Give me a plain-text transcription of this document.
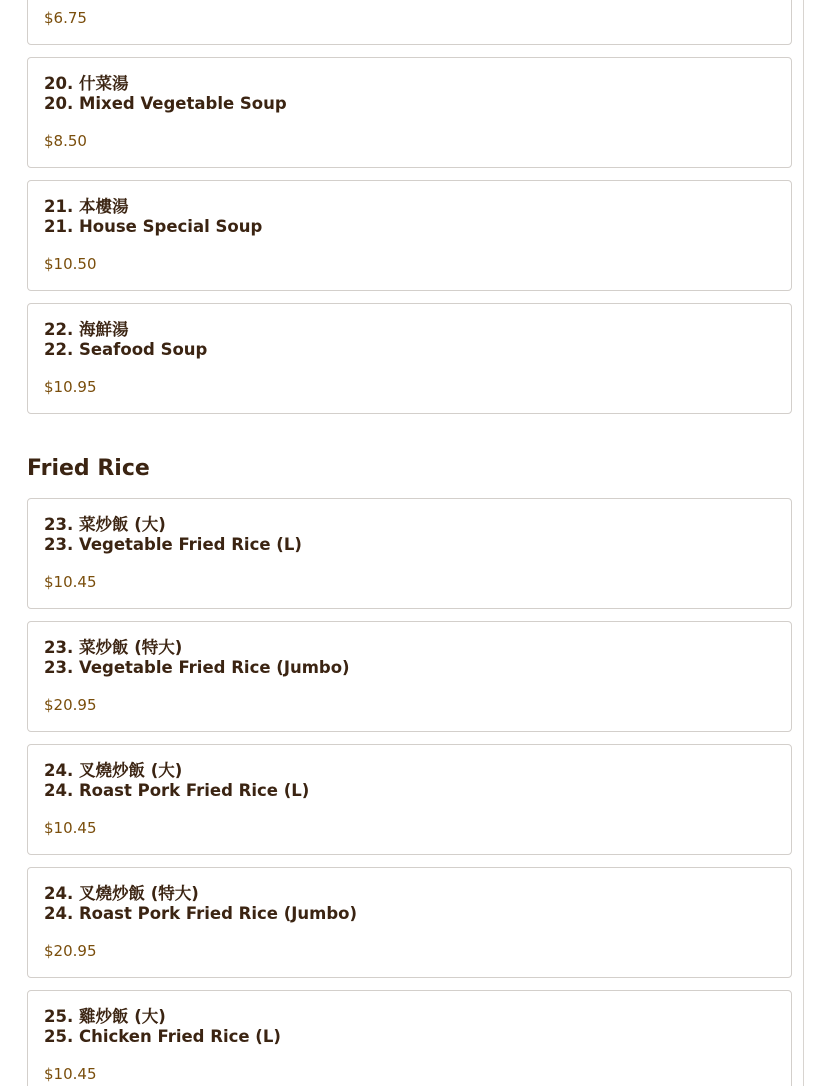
$6.75
20. 什菜湯
20. Mixed Vegetable Soup
$8.50
21. 本樓湯
21. House Special Soup
$10.50
22. 海鮮湯
22. Seafood Soup
$10.95
Fried Rice
23. 菜炒飯 (大)
23. Vegetable Fried Rice (L)
$10.45
23. 菜炒飯 (特大)
23. Vegetable Fried Rice (Jumbo)
$20.95
24. 叉燒炒飯 (大)
24. Roast Pork Fried Rice (L)
$10.45
24. 叉燒炒飯 (特大)
24. Roast Pork Fried Rice (Jumbo)
$20.95
25. 雞炒飯 (大)
25. Chicken Fried Rice (L)
$10.45
